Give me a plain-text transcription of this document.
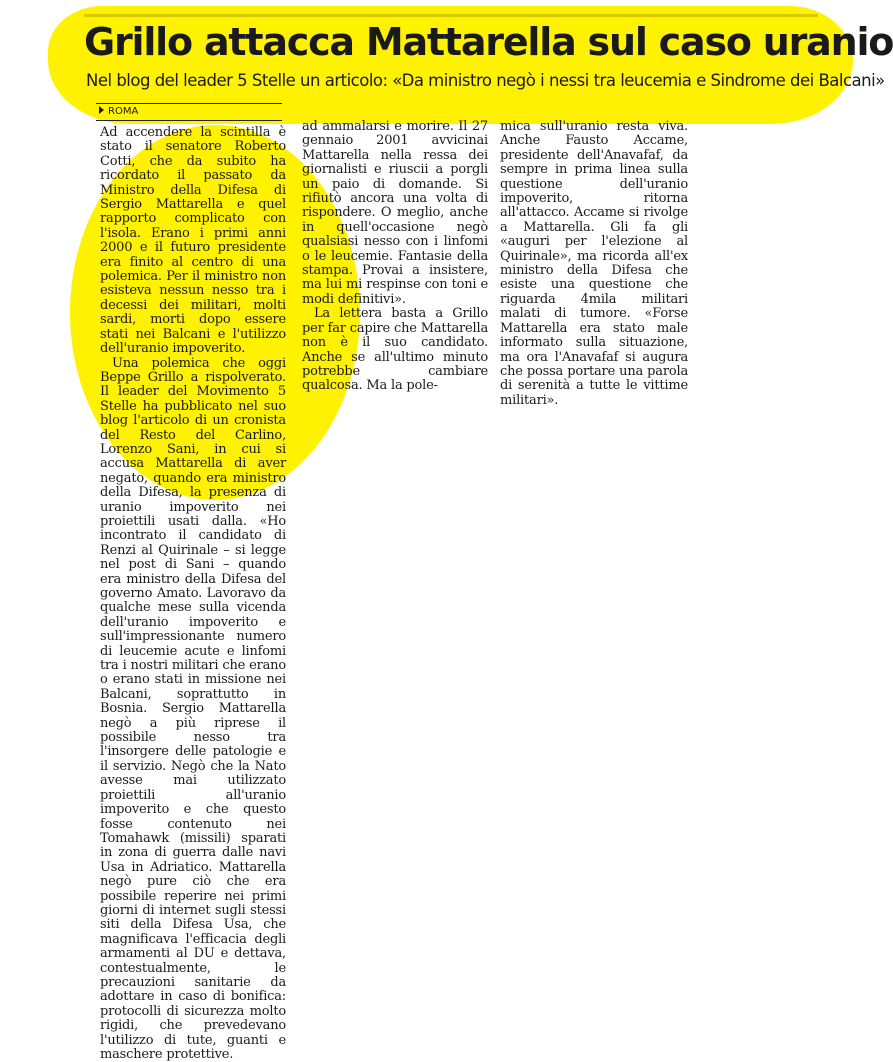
Grillo attacca Mattarella sul caso uranio

Nel blog del leader 5 Stelle un articolo: «Da ministro negò i nessi tra leucemia e Sindrome dei Balcani»

ROMA

Ad accendere la scintilla è stato il senatore Roberto Cotti, che da subito ha ricordato il passato da Ministro della Difesa di Sergio Mattarella e quel rapporto complicato con l'isola. Erano i primi anni 2000 e il futuro presidente era finito al centro di una polemica. Per il ministro non esisteva nessun nesso tra i decessi dei militari, molti sardi, morti dopo essere stati nei Balcani e l'utilizzo dell'uranio impoverito.

Una polemica che oggi Beppe Grillo a rispolverato. Il leader del Movimento 5 Stelle ha pubblicato nel suo blog l'articolo di un cronista del Resto del Carlino, Lorenzo Sani, in cui si accusa Mattarella di aver negato, quando era ministro della Difesa, la presenza di uranio impoverito nei proiettili usati dalla. «Ho incontrato il candidato di Renzi al Quirinale – si legge nel post di Sani – quando era ministro della Difesa del governo Amato. Lavoravo da qualche mese sulla vicenda dell'uranio impoverito e sull'impressionante numero di leucemie acute e linfomi tra i nostri militari che erano o erano stati in missione nei Balcani, soprattutto in Bosnia. Sergio Mattarella negò a più riprese il possibile nesso tra l'insorgere delle patologie e il servizio. Negò che la Nato avesse mai utilizzato proiettili all'uranio impoverito e che questo fosse contenuto nei Tomahawk (missili) sparati in zona di guerra dalle navi Usa in Adriatico. Mattarella negò pure ciò che era possibile reperire nei primi giorni di internet sugli stessi siti della Difesa Usa, che magnificava l'efficacia degli armamenti al DU e dettava, contestualmente, le precauzioni sanitarie da adottare in caso di bonifica: protocolli di sicurezza molto rigidi, che prevedevano l'utilizzo di tute, guanti e maschere protettive.

ad ammalarsi e morire. Il 27 gennaio 2001 avvicinai Mattarella nella ressa dei giornalisti e riuscii a porgli un paio di domande. Si rifiutò ancora una volta di rispondere. O meglio, anche in quell'occasione negò qualsiasi nesso con i linfomi o le leucemie. Fantasie della stampa. Provai a insistere, ma lui mi respinse con toni e modi definitivi».

La lettera basta a Grillo per far capire che Mattarella non è il suo candidato. Anche se all'ultimo minuto potrebbe cambiare qualcosa. Ma la pole-

mica sull'uranio resta viva. Anche Fausto Accame, presidente dell'Anavafaf, da sempre in prima linea sulla questione dell'uranio impoverito, ritorna all'attacco. Accame si rivolge a Mattarella. Gli fa gli «auguri per l'elezione al Quirinale», ma ricorda all'ex ministro della Difesa che esiste una questione che riguarda 4mila militari malati di tumore. «Forse Mattarella era stato male informato sulla situazione, ma ora l'Anavafaf si augura che possa portare una parola di serenità a tutte le vittime militari».
